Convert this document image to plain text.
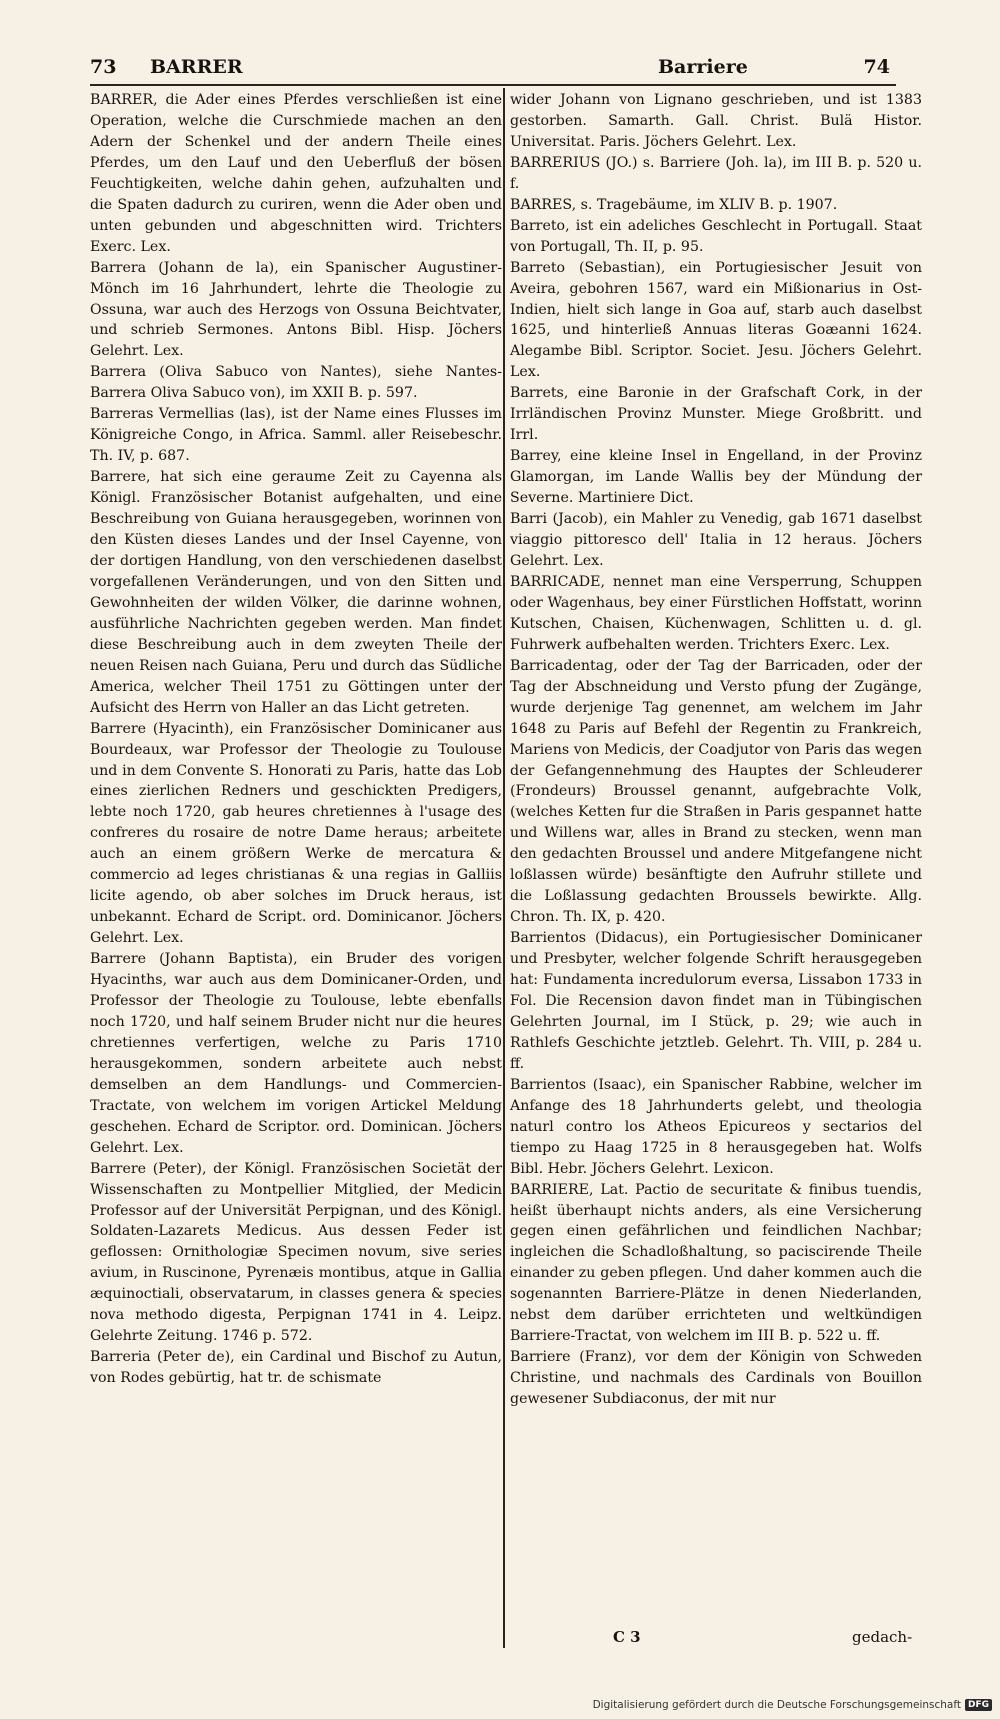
73 BARRER	Barriere	74

BARRER, die Ader eines Pferdes verschließen ist eine Operation, welche die Curschmiede machen an den Adern der Schenkel und der andern Theile eines Pferdes, um den Lauf und den Ueberfluß der bösen Feuchtigkeiten, welche dahin gehen, aufzuhalten und die Spaten dadurch zu curiren, wenn die Ader oben und unten gebunden und abgeschnitten wird. Trichters Exerc. Lex.

Barrera (Johann de la), ein Spanischer Augustiner-Mönch im 16 Jahrhundert, lehrte die Theologie zu Ossuna, war auch des Herzogs von Ossuna Beichtvater, und schrieb Sermones. Antons Bibl. Hisp. Jöchers Gelehrt. Lex.

Barrera (Oliva Sabuco von Nantes), siehe Nantes-Barrera Oliva Sabuco von), im XXII B. p. 597.

Barreras Vermellias (las), ist der Name eines Flusses im Königreiche Congo, in Africa. Samml. aller Reisebeschr. Th. IV, p. 687.

Barrere, hat sich eine geraume Zeit zu Cayenna als Königl. Französischer Botanist aufgehalten, und eine Beschreibung von Guiana herausgegeben, worinnen von den Küsten dieses Landes und der Insel Cayenne, von der dortigen Handlung, von den verschiedenen daselbst vorgefallenen Veränderungen, und von den Sitten und Gewohnheiten der wilden Völker, die darinne wohnen, ausführliche Nachrichten gegeben werden. Man findet diese Beschreibung auch in dem zweyten Theile der neuen Reisen nach Guiana, Peru und durch das Südliche America, welcher Theil 1751 zu Göttingen unter der Aufsicht des Herrn von Haller an das Licht getreten.

Barrere (Hyacinth), ein Französischer Dominicaner aus Bourdeaux, war Professor der Theologie zu Toulouse und in dem Convente S. Honorati zu Paris, hatte das Lob eines zierlichen Redners und geschickten Predigers, lebte noch 1720, gab heures chretiennes à l'usage des confreres du rosaire de notre Dame heraus; arbeitete auch an einem größern Werke de mercatura & commercio ad leges christianas & una regias in Galliis licite agendo, ob aber solches im Druck heraus, ist unbekannt. Echard de Script. ord. Dominicanor. Jöchers Gelehrt. Lex.

Barrere (Johann Baptista), ein Bruder des vorigen Hyacinths, war auch aus dem Dominicaner-Orden, und Professor der Theologie zu Toulouse, lebte ebenfalls noch 1720, und half seinem Bruder nicht nur die heures chretiennes verfertigen, welche zu Paris 1710 herausgekommen, sondern arbeitete auch nebst demselben an dem Handlungs- und Commercien-Tractate, von welchem im vorigen Artickel Meldung geschehen. Echard de Scriptor. ord. Dominican. Jöchers Gelehrt. Lex.

Barrere (Peter), der Königl. Französischen Societät der Wissenschaften zu Montpellier Mitglied, der Medicin Professor auf der Universität Perpignan, und des Königl. Soldaten-Lazarets Medicus. Aus dessen Feder ist geflossen: Ornithologiæ Specimen novum, sive series avium, in Ruscinone, Pyrenæis montibus, atque in Gallia æquinoctiali, observatarum, in classes genera & species nova methodo digesta, Perpignan 1741 in 4. Leipz. Gelehrte Zeitung. 1746 p. 572.

Barreria (Peter de), ein Cardinal und Bischof zu Autun, von Rodes gebürtig, hat tr. de schismate

wider Johann von Lignano geschrieben, und ist 1383 gestorben. Samarth. Gall. Christ. Bulä Histor. Universitat. Paris. Jöchers Gelehrt. Lex.

BARRERIUS (JO.) s. Barriere (Joh. la), im III B. p. 520 u. f.

BARRES, s. Tragebäume, im XLIV B. p. 1907.

Barreto, ist ein adeliches Geschlecht in Portugall. Staat von Portugall, Th. II, p. 95.

Barreto (Sebastian), ein Portugiesischer Jesuit von Aveira, gebohren 1567, ward ein Mißionarius in Ost-Indien, hielt sich lange in Goa auf, starb auch daselbst 1625, und hinterließ Annuas literas Goæanni 1624. Alegambe Bibl. Scriptor. Societ. Jesu. Jöchers Gelehrt. Lex.

Barrets, eine Baronie in der Grafschaft Cork, in der Irrländischen Provinz Munster. Miege Großbritt. und Irrl.

Barrey, eine kleine Insel in Engelland, in der Provinz Glamorgan, im Lande Wallis bey der Mündung der Severne. Martiniere Dict.

Barri (Jacob), ein Mahler zu Venedig, gab 1671 daselbst viaggio pittoresco dell' Italia in 12 heraus. Jöchers Gelehrt. Lex.

BARRICADE, nennet man eine Versperrung, Schuppen oder Wagenhaus, bey einer Fürstlichen Hoffstatt, worinn Kutschen, Chaisen, Küchenwagen, Schlitten u. d. gl. Fuhrwerk aufbehalten werden. Trichters Exerc. Lex.

Barricadentag, oder der Tag der Barricaden, oder der Tag der Abschneidung und Versto pfung der Zugänge, wurde derjenige Tag genennet, am welchem im Jahr 1648 zu Paris auf Befehl der Regentin zu Frankreich, Mariens von Medicis, der Coadjutor von Paris das wegen der Gefangennehmung des Hauptes der Schleuderer (Frondeurs) Broussel genannt, aufgebrachte Volk, (welches Ketten fur die Straßen in Paris gespannet hatte und Willens war, alles in Brand zu stecken, wenn man den gedachten Broussel und andere Mitgefangene nicht loßlassen würde) besänftigte den Aufruhr stillete und die Loßlassung gedachten Broussels bewirkte. Allg. Chron. Th. IX, p. 420.

Barrientos (Didacus), ein Portugiesischer Dominicaner und Presbyter, welcher folgende Schrift herausgegeben hat: Fundamenta incredulorum eversa, Lissabon 1733 in Fol. Die Recension davon findet man in Tübingischen Gelehrten Journal, im I Stück, p. 29; wie auch in Rathlefs Geschichte jetztleb. Gelehrt. Th. VIII, p. 284 u. ff.

Barrientos (Isaac), ein Spanischer Rabbine, welcher im Anfange des 18 Jahrhunderts gelebt, und theologia naturl contro los Atheos Epicureos y sectarios del tiempo zu Haag 1725 in 8 herausgegeben hat. Wolfs Bibl. Hebr. Jöchers Gelehrt. Lexicon.

BARRIERE, Lat. Pactio de securitate & finibus tuendis, heißt überhaupt nichts anders, als eine Versicherung gegen einen gefährlichen und feindlichen Nachbar; ingleichen die Schadloßhaltung, so paciscirende Theile einander zu geben pflegen. Und daher kommen auch die sogenannten Barriere-Plätze in denen Niederlanden, nebst dem darüber errichteten und weltkündigen Barriere-Tractat, von welchem im III B. p. 522 u. ff.

Barriere (Franz), vor dem der Königin von Schweden Christine, und nachmals des Cardinals von Bouillon gewesener Subdiaconus, der mit nur

C 3	gedach-
Digitalisierung gefördert durch die Deutsche Forschungsgemeinschaft DFG
